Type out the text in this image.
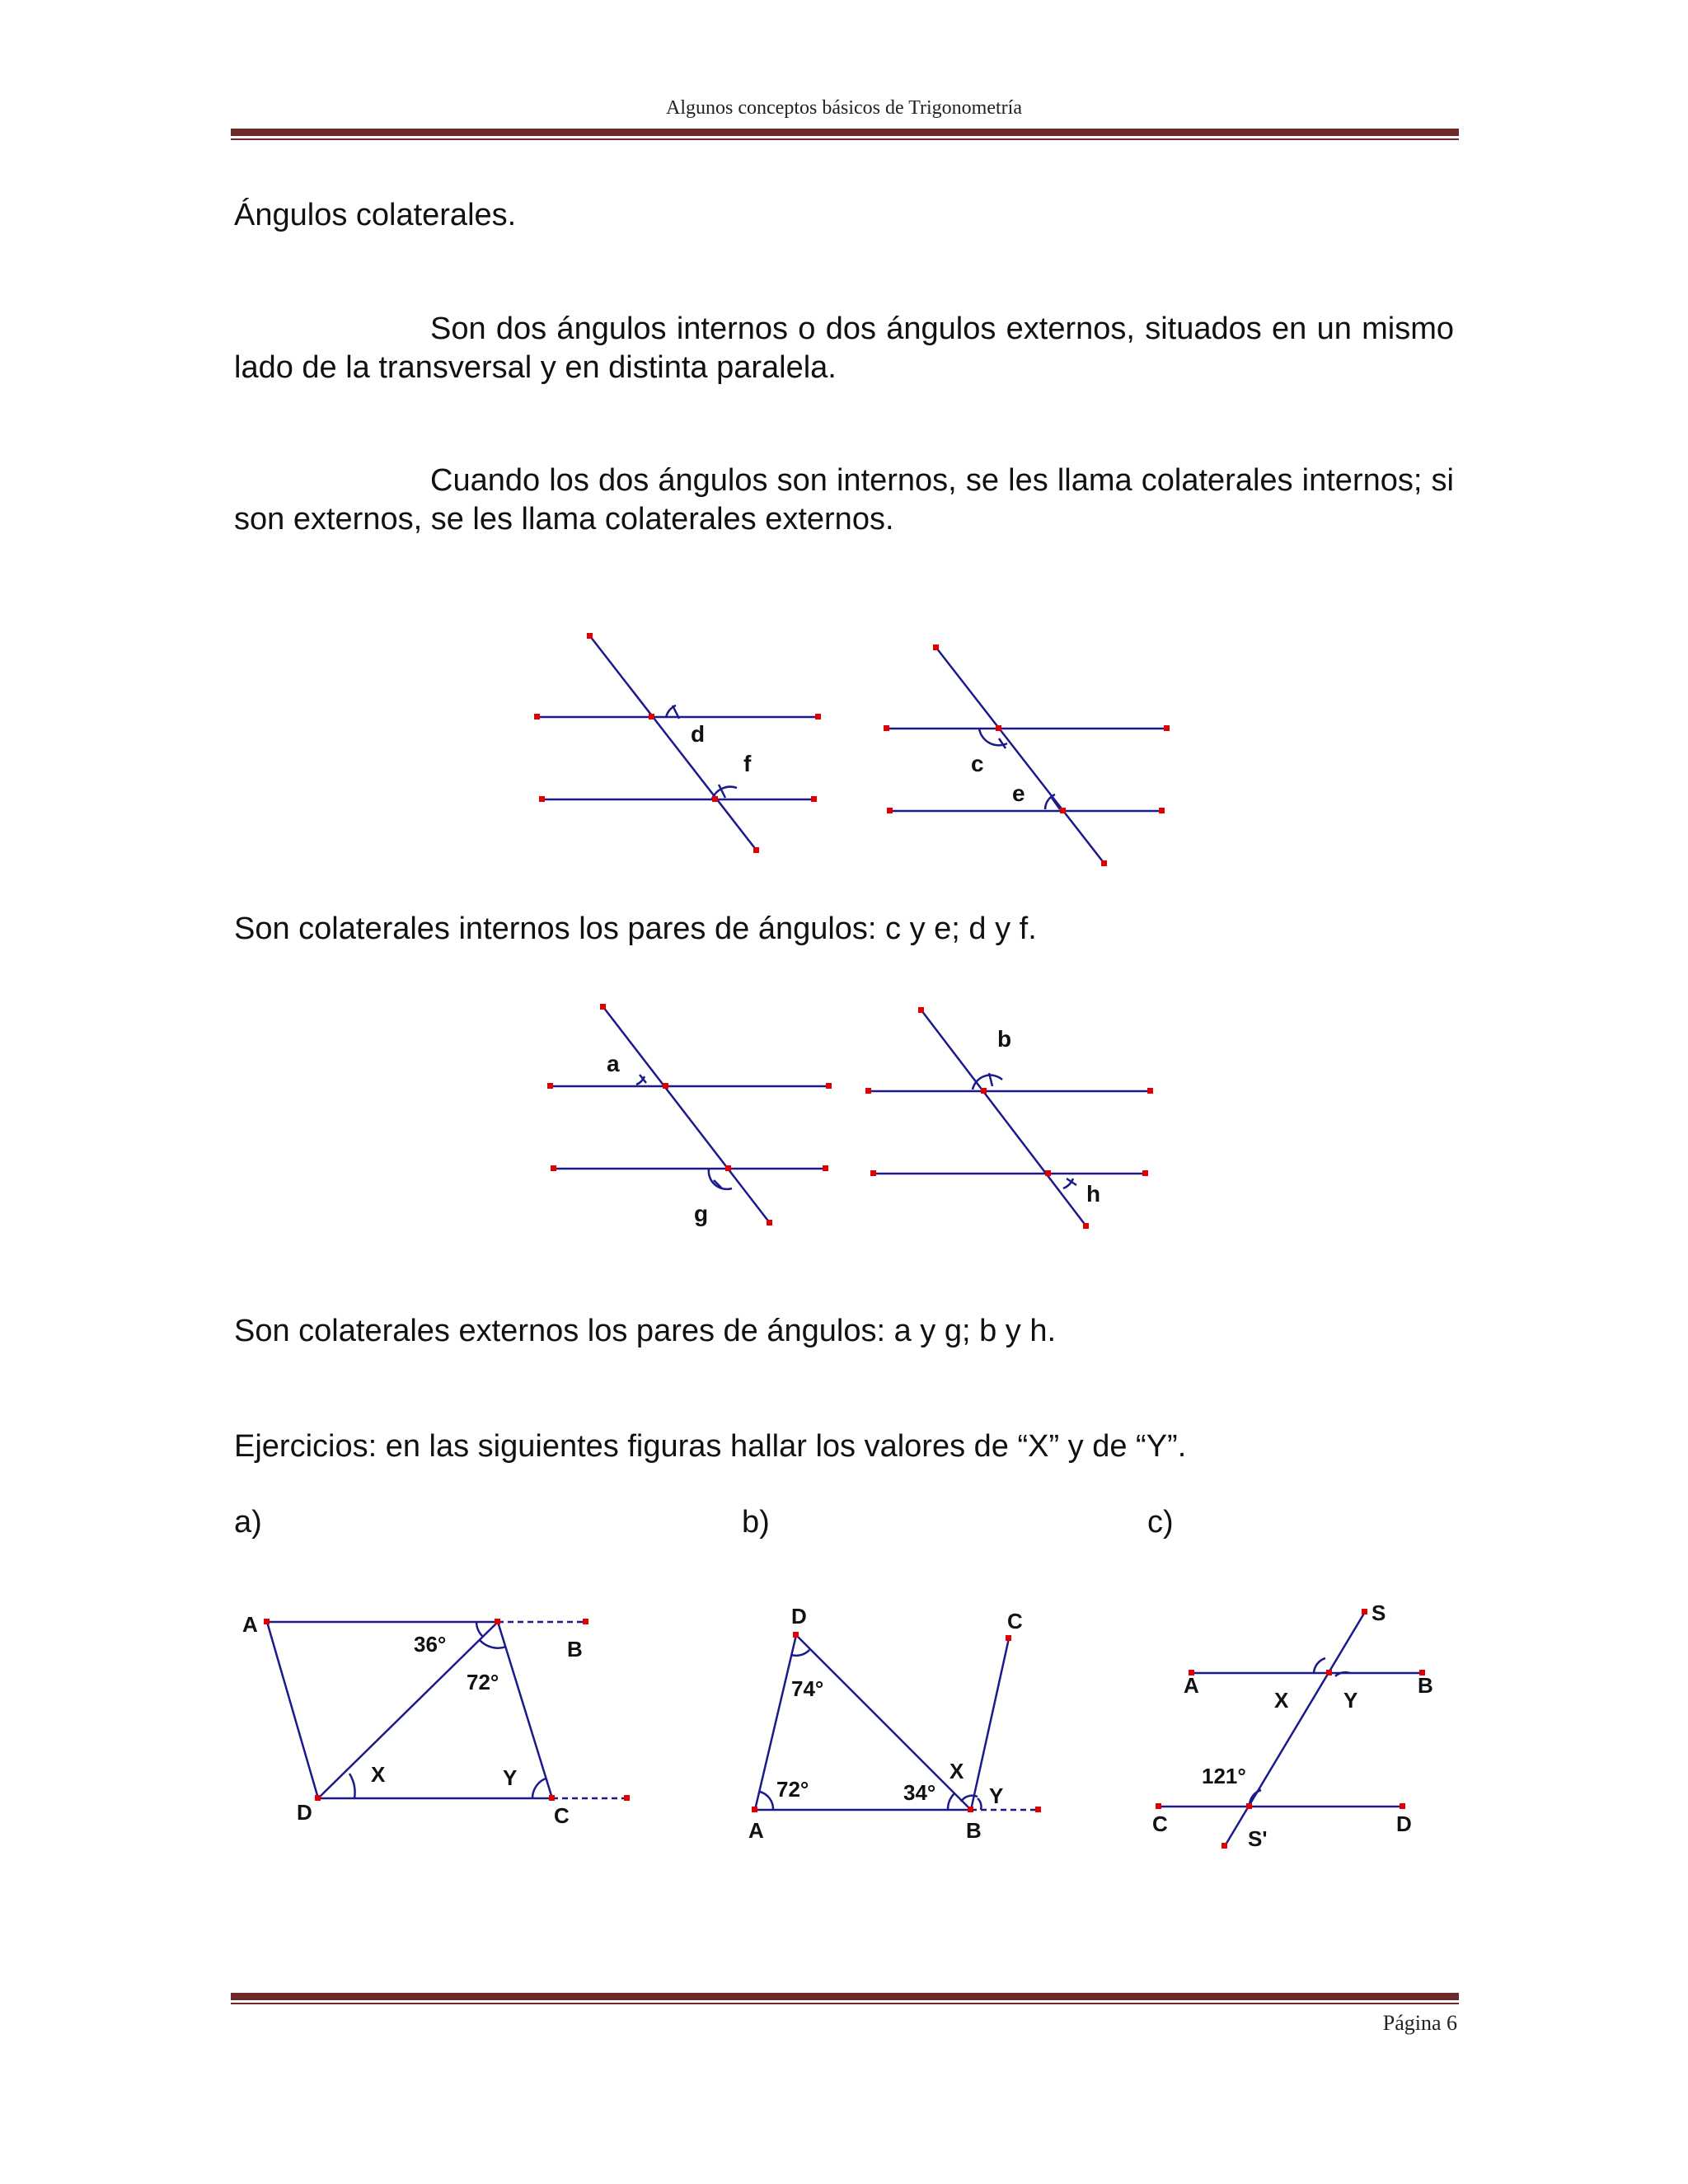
Algunos conceptos básicos de Trigonometría
Ángulos colaterales.
Son dos ángulos internos o dos ángulos externos, situados en un mismo lado de la transversal y en distinta paralela.
Cuando los dos ángulos son internos, se les llama colaterales internos; si son externos, se les llama colaterales externos.
d
f	c
e
Son colaterales internos los pares de ángulos: c y e; d y f.
a
g
b
h
Son colaterales externos los pares de ángulos: a y g; b y h.
Ejercicios: en las siguientes figuras hallar los valores de “X” y de “Y”.
a)	b)	c)
A
B
C
D
36°
72°
X	Y
D	C
A	B
74°
72°	34°
X
Y
S
A	B
C	D
S'
X	Y
121°
Página 6
